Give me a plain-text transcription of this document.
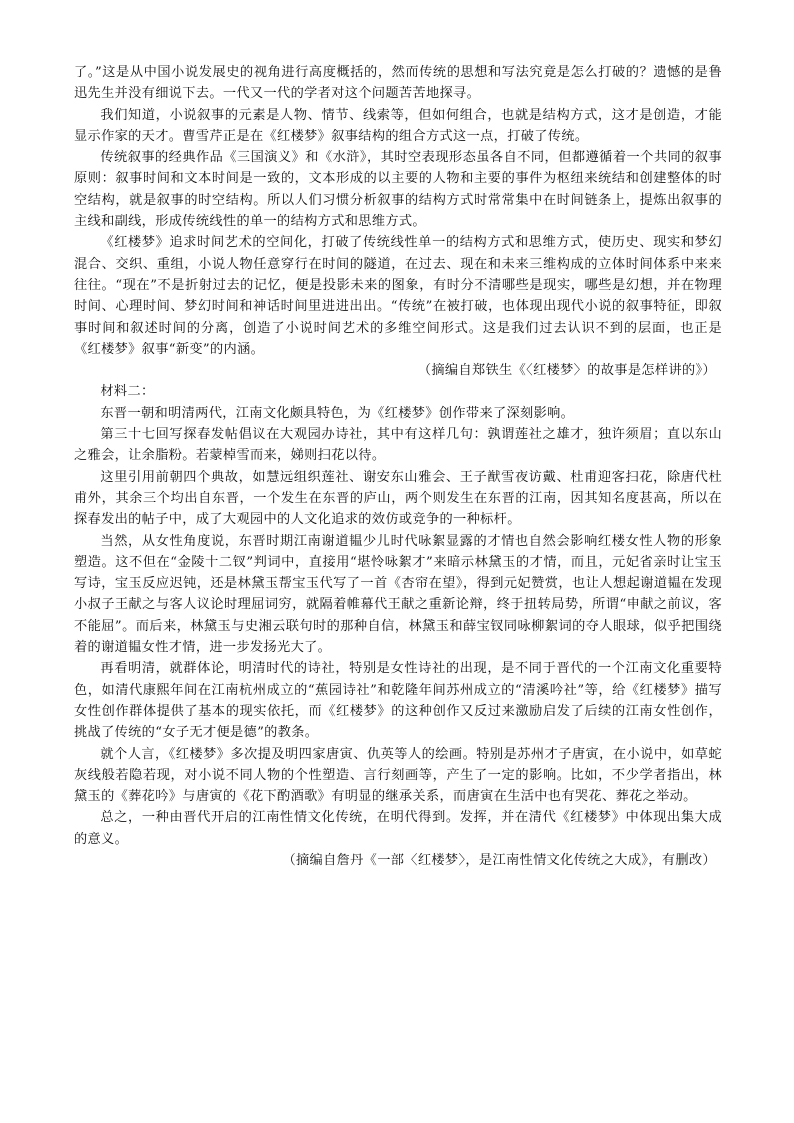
了。”这是从中国小说发展史的视角进行高度概括的，然而传统的思想和写法究竟是怎么打破的？遗憾的是鲁迅先生并没有细说下去。一代又一代的学者对这个问题苦苦地探寻。

我们知道，小说叙事的元素是人物、情节、线索等，但如何组合，也就是结构方式，这才是创造，才能显示作家的天才。曹雪芹正是在《红楼梦》叙事结构的组合方式这一点，打破了传统。

传统叙事的经典作品《三国演义》和《水浒》，其时空表现形态虽各自不同，但都遵循着一个共同的叙事原则：叙事时间和文本时间是一致的，文本形成的以主要的人物和主要的事件为枢纽来统结和创建整体的时空结构，就是叙事的时空结构。所以人们习惯分析叙事的结构方式时常常集中在时间链条上，提炼出叙事的主线和副线，形成传统线性的单一的结构方式和思维方式。

《红楼梦》追求时间艺术的空间化，打破了传统线性单一的结构方式和思维方式，使历史、现实和梦幻混合、交织、重组，小说人物任意穿行在时间的隧道，在过去、现在和未来三维构成的立体时间体系中来来往往。“现在”不是折射过去的记忆，便是投影未来的图象，有时分不清哪些是现实，哪些是幻想，并在物理时间、心理时间、梦幻时间和神话时间里进进出出。“传统”在被打破，也体现出现代小说的叙事特征，即叙事时间和叙述时间的分离，创造了小说时间艺术的多维空间形式。这是我们过去认识不到的层面，也正是《红楼梦》叙事“新变”的内涵。

（摘编自郑铁生《〈红楼梦〉的故事是怎样讲的》）

材料二：

东晋一朝和明清两代，江南文化颇具特色，为《红楼梦》创作带来了深刻影响。

第三十七回写探春发帖倡议在大观园办诗社，其中有这样几句：孰谓莲社之雄才，独许须眉；直以东山之雅会，让余脂粉。若蒙棹雪而来，娣则扫花以待。

这里引用前朝四个典故，如慧远组织莲社、谢安东山雅会、王子猷雪夜访戴、杜甫迎客扫花，除唐代杜甫外，其余三个均出自东晋，一个发生在东晋的庐山，两个则发生在东晋的江南，因其知名度甚高，所以在探春发出的帖子中，成了大观园中的人文化追求的效仿或竞争的一种标杆。

当然，从女性角度说，东晋时期江南谢道韫少儿时代咏絮显露的才情也自然会影响红楼女性人物的形象塑造。这不但在“金陵十二钗”判词中，直接用“堪怜咏絮才”来暗示林黛玉的才情，而且，元妃省亲时让宝玉写诗，宝玉反应迟钝，还是林黛玉帮宝玉代写了一首《杏帘在望》，得到元妃赞赏，也让人想起谢道韫在发现小叔子王献之与客人议论时理屈词穷，就隔着帷幕代王献之重新论辩，终于扭转局势，所谓“申献之前议，客不能屈”。而后来，林黛玉与史湘云联句时的那种自信，林黛玉和薛宝钗同咏柳絮词的夺人眼球，似乎把围绕着的谢道韫女性才情，进一步发扬光大了。

再看明清，就群体论，明清时代的诗社，特别是女性诗社的出现，是不同于晋代的一个江南文化重要特色，如清代康熙年间在江南杭州成立的“蕉园诗社”和乾隆年间苏州成立的“清溪吟社”等，给《红楼梦》描写女性创作群体提供了基本的现实依托，而《红楼梦》的这种创作又反过来激励启发了后续的江南女性创作，挑战了传统的“女子无才便是德”的教条。

就个人言，《红楼梦》多次提及明四家唐寅、仇英等人的绘画。特别是苏州才子唐寅，在小说中，如草蛇灰线般若隐若现，对小说不同人物的个性塑造、言行刻画等，产生了一定的影响。比如，不少学者指出，林黛玉的《葬花吟》与唐寅的《花下酌酒歌》有明显的继承关系，而唐寅在生活中也有哭花、葬花之举动。

总之，一种由晋代开启的江南性情文化传统，在明代得到。发挥，并在清代《红楼梦》中体现出集大成的意义。

（摘编自詹丹《一部〈红楼梦〉，是江南性情文化传统之大成》，有删改）
